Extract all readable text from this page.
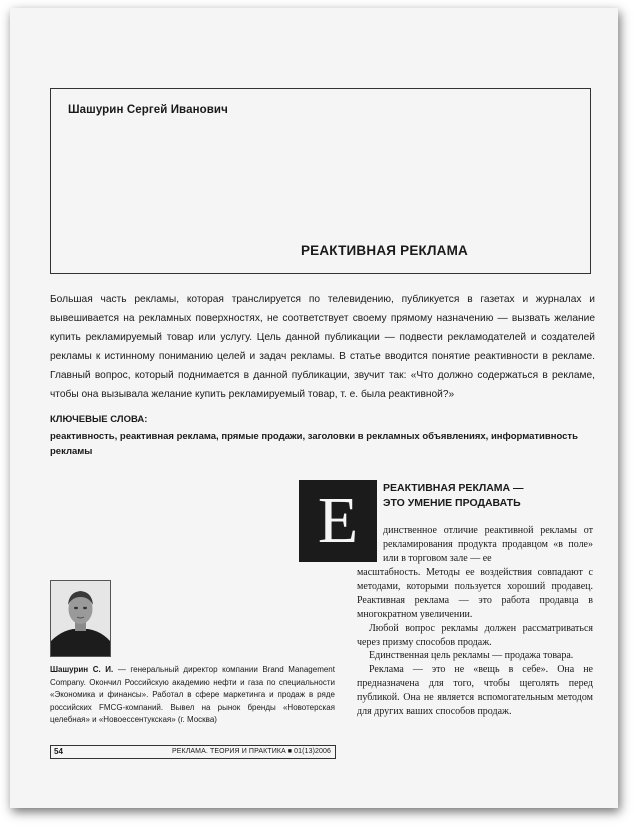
Шашурин Сергей Иванович
РЕАКТИВНАЯ РЕКЛАМА
Большая часть рекламы, которая транслируется по телевидению, публикуется в газетах и журналах и вывешивается на рекламных поверхностях, не соответствует своему прямому назначению — вызвать желание купить рекламируемый товар или услугу. Цель данной публикации — подвести рекламодателей и создателей рекламы к истинному пониманию целей и задач рекламы. В статье вводится понятие реактивности в рекламе. Главный вопрос, который поднимается в данной публикации, звучит так: «Что должно содержаться в рекламе, чтобы она вызывала желание купить рекламируемый товар, т. е. была реактивной?»
КЛЮЧЕВЫЕ СЛОВА:
реактивность, реактивная реклама, прямые продажи, заголовки в рекламных объявлениях, информативность рекламы
Е	РЕАКТИВНАЯ РЕКЛАМА —
ЭТО УМЕНИЕ ПРОДАВАТЬ

динственное отличие реактивной рекламы от рекламирования продукта продавцом «в поле» или в торговом зале — ее

масштабность. Методы ее воздействия совпадают с методами, которыми пользуется хороший продавец. Реактивная реклама — это работа продавца в многократном увеличении.

Любой вопрос рекламы должен рассматриваться через призму способов продаж.

Единственная цель рекламы — продажа товара.

Реклама — это не «вещь в себе». Она не предназначена для того, чтобы щеголять перед публикой. Она не является вспомогательным методом для других ваших способов продаж.

Шашурин С. И. — генеральный директор компании Brand Management Company. Окончил Российскую академию нефти и газа по специальности «Экономика и финансы». Работал в сфере маркетинга и продаж в ряде российских FMCG-компаний. Вывел на рынок бренды «Новотерская целебная» и «Новоессентукская» (г. Москва)
54	РЕКЛАМА. ТЕОРИЯ И ПРАКТИКА ■ 01(13)2006
